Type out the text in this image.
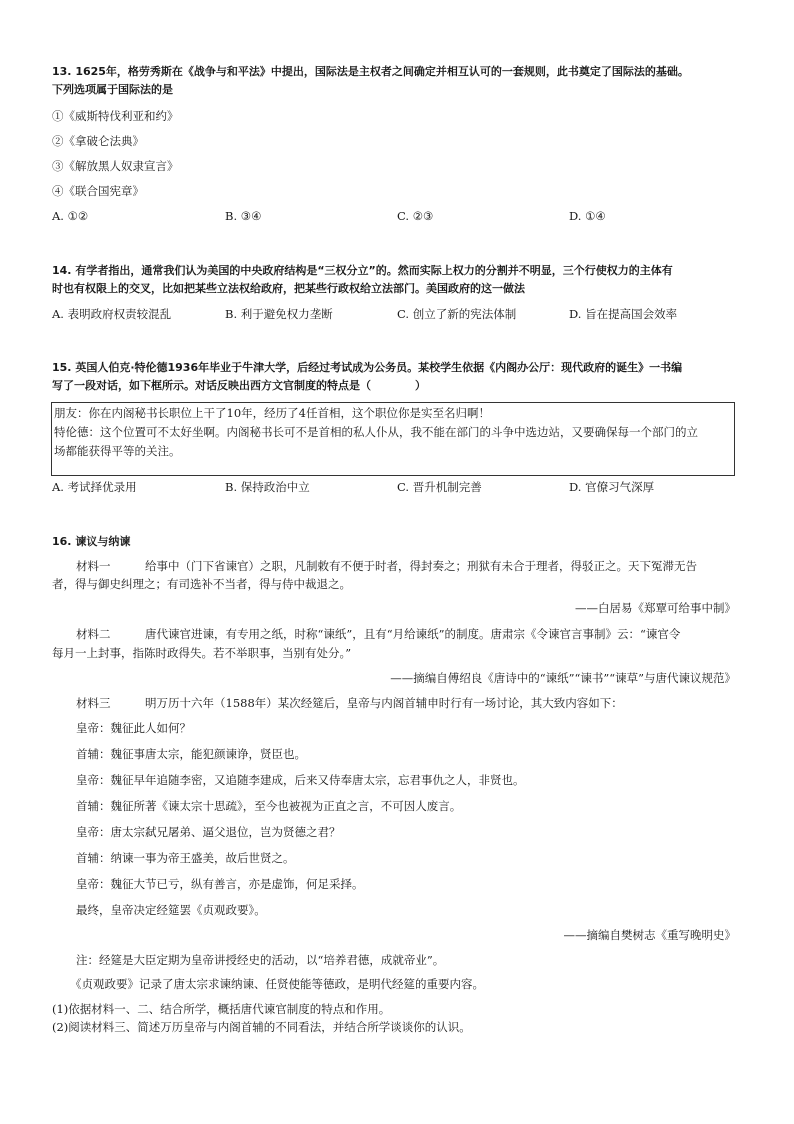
13. 1625年，格劳秀斯在《战争与和平法》中提出，国际法是主权者之间确定并相互认可的一套规则，此书奠定了国际法的基础。
下列选项属于国际法的是
①《威斯特伐利亚和约》
②《拿破仑法典》
③《解放黑人奴隶宣言》
④《联合国宪章》
A. ①②	B. ③④	C. ②③	D. ①④
14. 有学者指出，通常我们认为美国的中央政府结构是“三权分立”的。然而实际上权力的分割并不明显，三个行使权力的主体有
时也有权限上的交叉，比如把某些立法权给政府，把某些行政权给立法部门。美国政府的这一做法
A. 表明政府权责较混乱	B. 利于避免权力垄断	C. 创立了新的宪法体制	D. 旨在提高国会效率
15. 英国人伯克·特伦德1936年毕业于牛津大学，后经过考试成为公务员。某校学生依据《内阁办公厅：现代政府的诞生》一书编
写了一段对话，如下框所示。对话反映出西方文官制度的特点是（　　　　）
朋友：你在内阁秘书长职位上干了10年，经历了4任首相，这个职位你是实至名归啊！
特伦德：这个位置可不太好坐啊。内阁秘书长可不是首相的私人仆从，我不能在部门的斗争中选边站，又要确保每一个部门的立
场都能获得平等的关注。
A. 考试择优录用	B. 保持政治中立	C. 晋升机制完善	D. 官僚习气深厚
16. 谏议与纳谏
材料一　　　给事中（门下省谏官）之职，凡制敕有不便于时者，得封奏之；刑狱有未合于理者，得驳正之。天下冤滞无告
者，得与御史纠理之；有司选补不当者，得与侍中裁退之。
——白居易《郑覃可给事中制》
材料二　　　唐代谏官进谏，有专用之纸，时称“谏纸”，且有“月给谏纸”的制度。唐肃宗《令谏官言事制》云：“谏官令
每月一上封事，指陈时政得失。若不举职事，当别有处分。”
——摘编自傅绍良《唐诗中的“谏纸”“谏书”“谏草”与唐代谏议规范》
材料三　　　明万历十六年（1588年）某次经筵后，皇帝与内阁首辅申时行有一场讨论，其大致内容如下：
皇帝：魏征此人如何？
首辅：魏征事唐太宗，能犯颜谏诤，贤臣也。
皇帝：魏征早年追随李密，又追随李建成，后来又侍奉唐太宗，忘君事仇之人，非贤也。
首辅：魏征所著《谏太宗十思疏》，至今也被视为正直之言，不可因人废言。
皇帝：唐太宗弑兄屠弟、逼父退位，岂为贤德之君？
首辅：纳谏一事为帝王盛美，故后世贤之。
皇帝：魏征大节已亏，纵有善言，亦是虚饰，何足采择。
最终，皇帝决定经筵罢《贞观政要》。
——摘编自樊树志《重写晚明史》
注：经筵是大臣定期为皇帝讲授经史的活动，以“培养君德，成就帝业”。
《贞观政要》记录了唐太宗求谏纳谏、任贤使能等德政，是明代经筵的重要内容。
(1)依据材料一、二、结合所学，概括唐代谏官制度的特点和作用。
(2)阅读材料三、简述万历皇帝与内阁首辅的不同看法，并结合所学谈谈你的认识。
